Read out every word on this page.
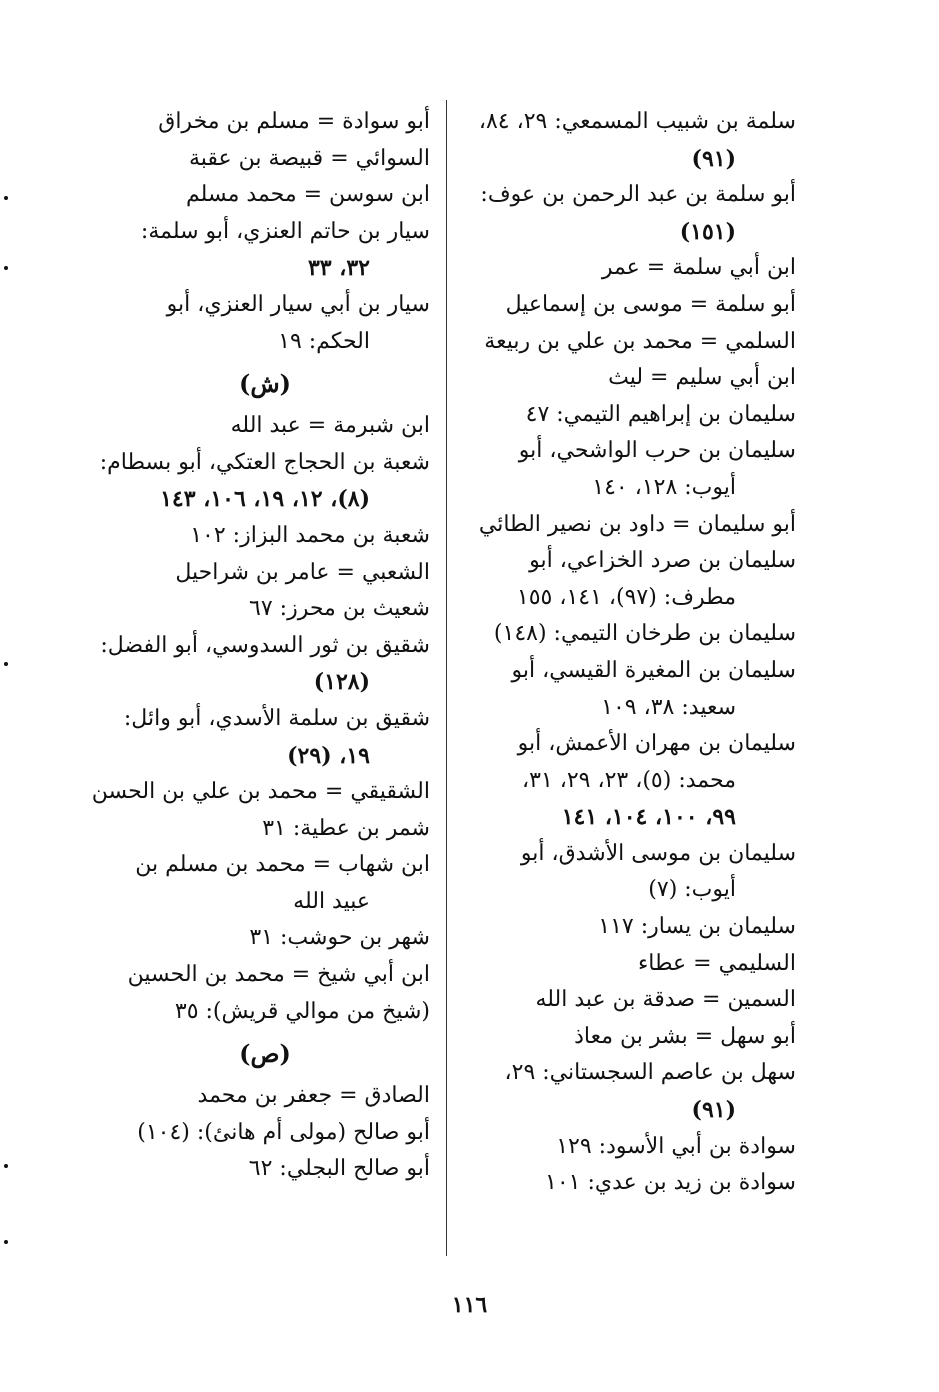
سلمة بن شبيب المسمعي: ٢٩، ٨٤،
(٩١)
أبو سلمة بن عبد الرحمن بن عوف:
(١٥١)
ابن أبي سلمة = عمر
أبو سلمة = موسى بن إسماعيل
السلمي = محمد بن علي بن ربيعة
ابن أبي سليم = ليث
سليمان بن إبراهيم التيمي: ٤٧
سليمان بن حرب الواشحي، أبو
أيوب: ١٢٨، ١٤٠
أبو سليمان = داود بن نصير الطائي
سليمان بن صرد الخزاعي، أبو
مطرف: (٩٧)، ١٤١، ١٥٥
سليمان بن طرخان التيمي: (١٤٨)
سليمان بن المغيرة القيسي، أبو
سعيد: ٣٨، ١٠٩
سليمان بن مهران الأعمش، أبو
محمد: (٥)، ٢٣، ٢٩، ٣١،
٩٩، ١٠٠، ١٠٤، ١٤١
سليمان بن موسى الأشدق، أبو
أيوب: (٧)
سليمان بن يسار: ١١٧
السليمي = عطاء
السمين = صدقة بن عبد الله
أبو سهل = بشر بن معاذ
سهل بن عاصم السجستاني: ٢٩،
(٩١)
سوادة بن أبي الأسود: ١٢٩
سوادة بن زيد بن عدي: ١٠١
أبو سوادة = مسلم بن مخراق
السوائي = قبيصة بن عقبة
ابن سوسن = محمد مسلم
سيار بن حاتم العنزي، أبو سلمة:
٣٢، ٣٣
سيار بن أبي سيار العنزي، أبو
الحكم: ١٩
(ش)
ابن شبرمة = عبد الله
شعبة بن الحجاج العتكي، أبو بسطام:
(٨)، ١٢، ١٩، ١٠٦، ١٤٣
شعبة بن محمد البزاز: ١٠٢
الشعبي = عامر بن شراحيل
شعيث بن محرز: ٦٧
شقيق بن ثور السدوسي، أبو الفضل:
(١٢٨)
شقيق بن سلمة الأسدي، أبو وائل:
١٩، (٢٩)
الشقيقي = محمد بن علي بن الحسن
شمر بن عطية: ٣١
ابن شهاب = محمد بن مسلم بن
عبيد الله
شهر بن حوشب: ٣١
ابن أبي شيخ = محمد بن الحسين
(شيخ من موالي قريش): ٣٥
(ص)
الصادق = جعفر بن محمد
أبو صالح (مولى أم هانئ): (١٠٤)
أبو صالح البجلي: ٦٢
١١٦
